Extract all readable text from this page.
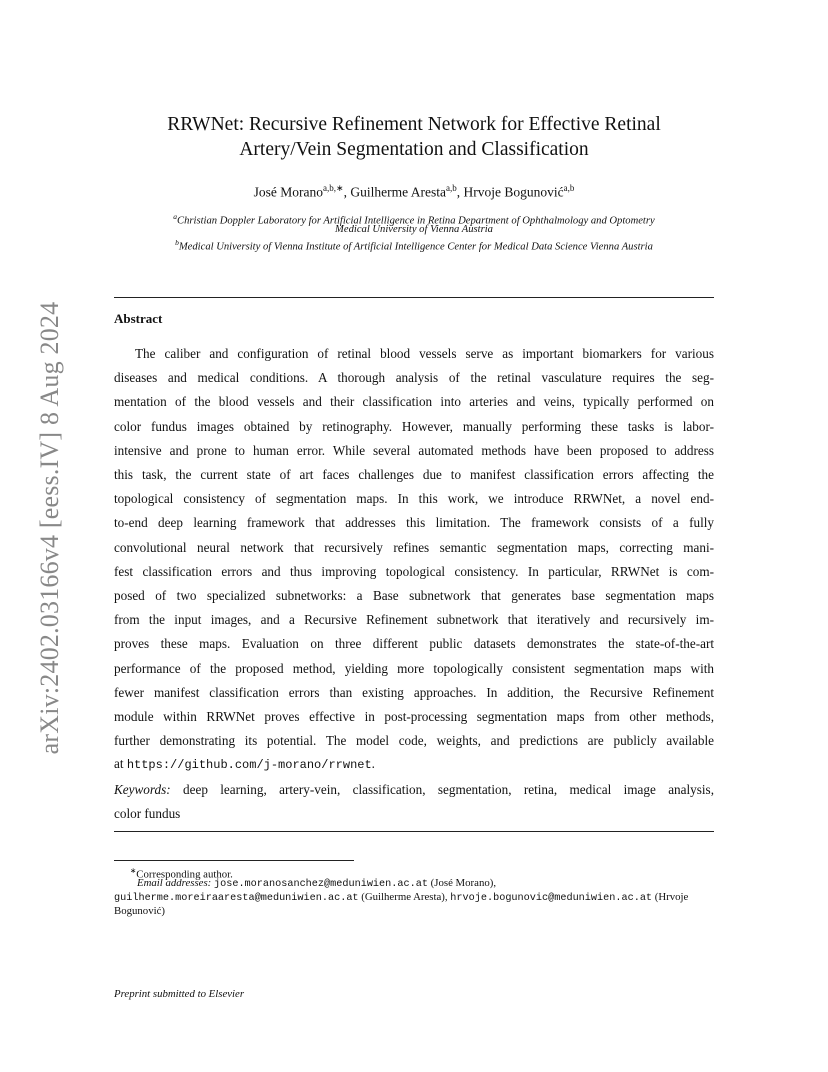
arXiv:2402.03166v4 [eess.IV] 8 Aug 2024
RRWNet: Recursive Refinement Network for Effective Retinal
Artery/Vein Segmentation and Classification
José Morano$^{a,b,∗}$, Guilherme Aresta$^{a,b}$, Hrvoje Bogunović$^{a,b}$
$^a$Christian Doppler Laboratory for Artificial Intelligence in Retina Department of Ophthalmology and Optometry
Medical University of Vienna Austria
$^b$Medical University of Vienna Institute of Artificial Intelligence Center for Medical Data Science Vienna Austria
Abstract
The caliber and configuration of retinal blood vessels serve as important biomarkers for various
diseases and medical conditions. A thorough analysis of the retinal vasculature requires the seg-
mentation of the blood vessels and their classification into arteries and veins, typically performed on
color fundus images obtained by retinography. However, manually performing these tasks is labor-
intensive and prone to human error. While several automated methods have been proposed to address
this task, the current state of art faces challenges due to manifest classification errors affecting the
topological consistency of segmentation maps. In this work, we introduce RRWNet, a novel end-
to-end deep learning framework that addresses this limitation. The framework consists of a fully
convolutional neural network that recursively refines semantic segmentation maps, correcting mani-
fest classification errors and thus improving topological consistency. In particular, RRWNet is com-
posed of two specialized subnetworks: a Base subnetwork that generates base segmentation maps
from the input images, and a Recursive Refinement subnetwork that iteratively and recursively im-
proves these maps. Evaluation on three different public datasets demonstrates the state-of-the-art
performance of the proposed method, yielding more topologically consistent segmentation maps with
fewer manifest classification errors than existing approaches. In addition, the Recursive Refinement
module within RRWNet proves effective in post-processing segmentation maps from other methods,
further demonstrating its potential. The model code, weights, and predictions are publicly available
at https://github.com/j-morano/rrwnet.
Keywords: deep learning, artery-vein, classification, segmentation, retina, medical image analysis,
color fundus
∗Corresponding author.
Email addresses: jose.moranosanchez@meduniwien.ac.at (José Morano),
guilherme.moreiraaresta@meduniwien.ac.at (Guilherme Aresta), hrvoje.bogunovic@meduniwien.ac.at (Hrvoje
Bogunović)
Preprint submitted to Elsevier
